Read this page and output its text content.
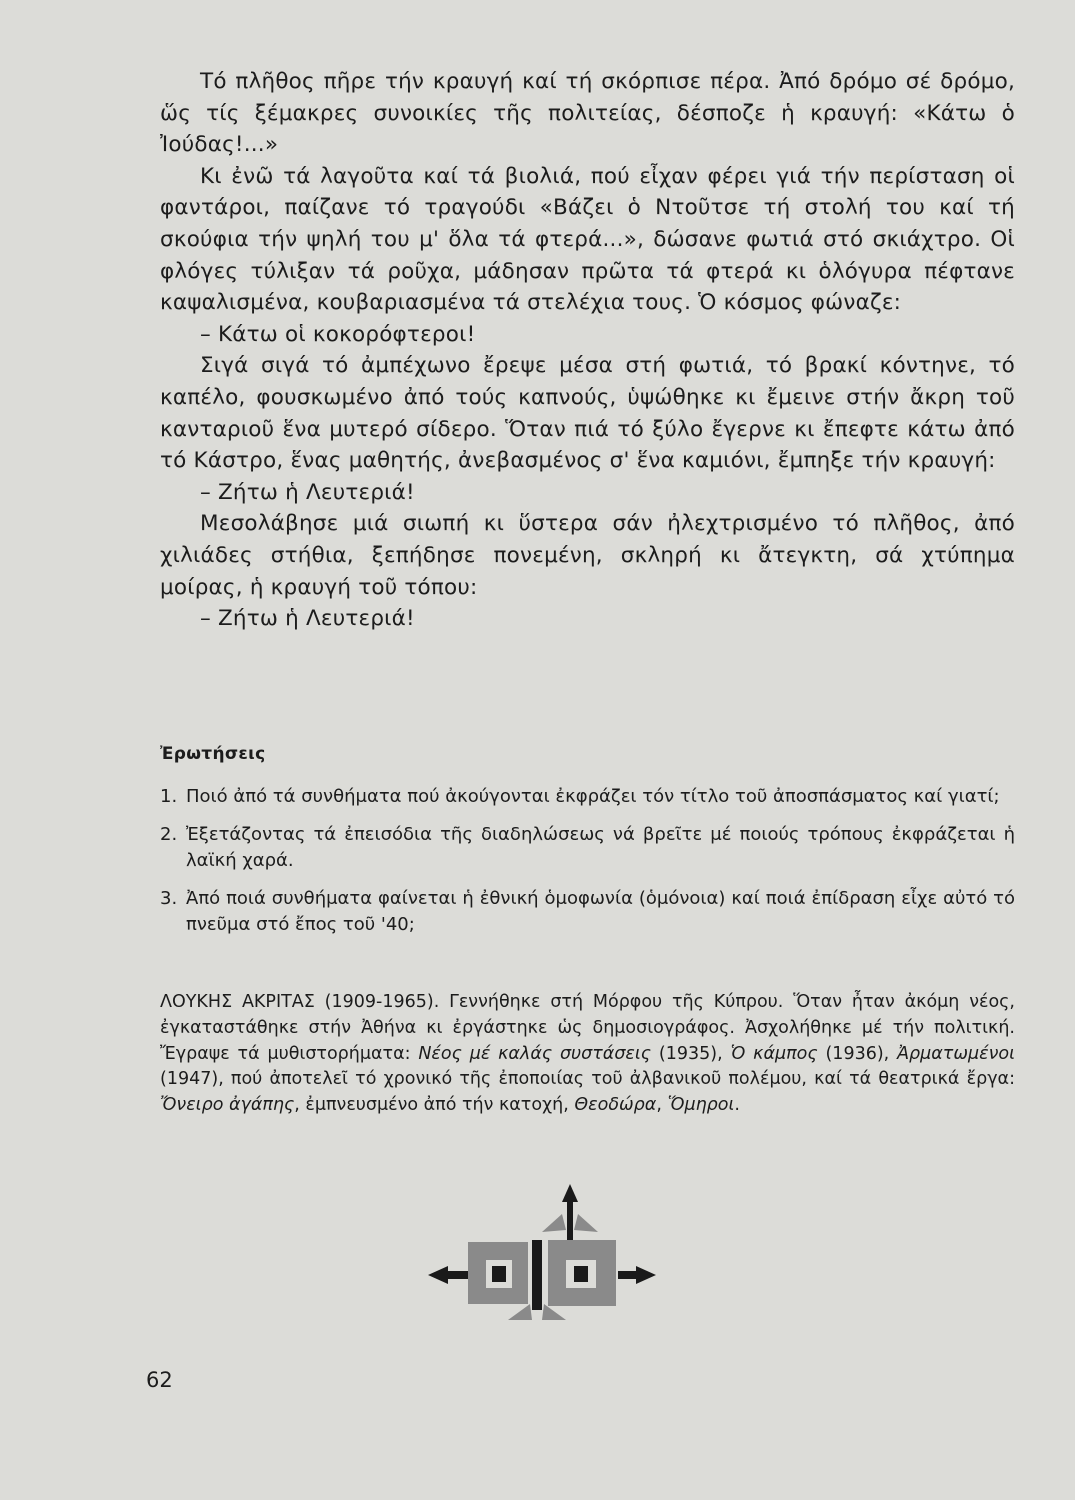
Τό πλῆθος πῆρε τήν κραυγή καί τή σκόρπισε πέρα. Ἀπό δρόμο σέ δρόμο, ὥς τίς ξέμακρες συνοικίες τῆς πολιτείας, δέσποζε ἡ κραυγή: «Κάτω ὁ Ἰούδας!...»

Κι ἐνῶ τά λαγοῦτα καί τά βιολιά, πού εἶχαν φέρει γιά τήν περίσταση οἱ φαντάροι, παίζανε τό τραγούδι «Βάζει ὁ Ντοῦτσε τή στολή του καί τή σκούφια τήν ψηλή του μ' ὅλα τά φτερά...», δώσανε φωτιά στό σκιάχτρο. Οἱ φλόγες τύλιξαν τά ροῦχα, μάδησαν πρῶτα τά φτερά κι ὁλόγυρα πέφτανε καψαλισμένα, κουβαριασμένα τά στελέχια τους. Ὁ κόσμος φώναζε:

– Κάτω οἱ κοκορόφτεροι!

Σιγά σιγά τό ἀμπέχωνο ἔρεψε μέσα στή φωτιά, τό βρακί κόντηνε, τό καπέλο, φουσκωμένο ἀπό τούς καπνούς, ὑψώθηκε κι ἔμεινε στήν ἄκρη τοῦ κανταριοῦ ἕνα μυτερό σίδερο. Ὅταν πιά τό ξύλο ἔγερνε κι ἔπεφτε κάτω ἀπό τό Κάστρο, ἕνας μαθητής, ἀνεβασμένος σ' ἕνα καμιόνι, ἔμπηξε τήν κραυγή:

– Ζήτω ἡ Λευτεριά!

Μεσολάβησε μιά σιωπή κι ὕστερα σάν ἠλεχτρισμένο τό πλῆθος, ἀπό χιλιάδες στήθια, ξεπήδησε πονεμένη, σκληρή κι ἄτεγκτη, σά χτύπημα μοίρας, ἡ κραυγή τοῦ τόπου:

– Ζήτω ἡ Λευτεριά!

Ἐρωτήσεις
1. Ποιό ἀπό τά συνθήματα πού ἀκούγονται ἐκφράζει τόν τίτλο τοῦ ἀποσπάσματος καί γιατί;
2. Ἐξετάζοντας τά ἐπεισόδια τῆς διαδηλώσεως νά βρεῖτε μέ ποιούς τρόπους ἐκφράζεται ἡ λαϊκή χαρά.
3. Ἀπό ποιά συνθήματα φαίνεται ἡ ἐθνική ὁμοφωνία (ὁμόνοια) καί ποιά ἐπίδραση εἶχε αὐτό τό πνεῦμα στό ἔπος τοῦ '40;
ΛΟΥΚΗΣ ΑΚΡΙΤΑΣ (1909-1965). Γεννήθηκε στή Μόρφου τῆς Κύπρου. Ὅταν ἦταν ἀκόμη νέος, ἐγκαταστάθηκε στήν Ἀθήνα κι ἐργάστηκε ὡς δημοσιογράφος. Ἀσχολήθηκε μέ τήν πολιτική. Ἔγραψε τά μυθιστορήματα: Νέος μέ καλάς συστάσεις (1935), Ὁ κάμπος (1936), Ἀρματωμένοι (1947), πού ἀποτελεῖ τό χρονικό τῆς ἐποποιίας τοῦ ἀλβανικοῦ πολέμου, καί τά θεατρικά ἔργα: Ὄνειρο ἀγάπης, ἐμπνευσμένο ἀπό τήν κατοχή, Θεοδώρα, Ὅμηροι.
62
